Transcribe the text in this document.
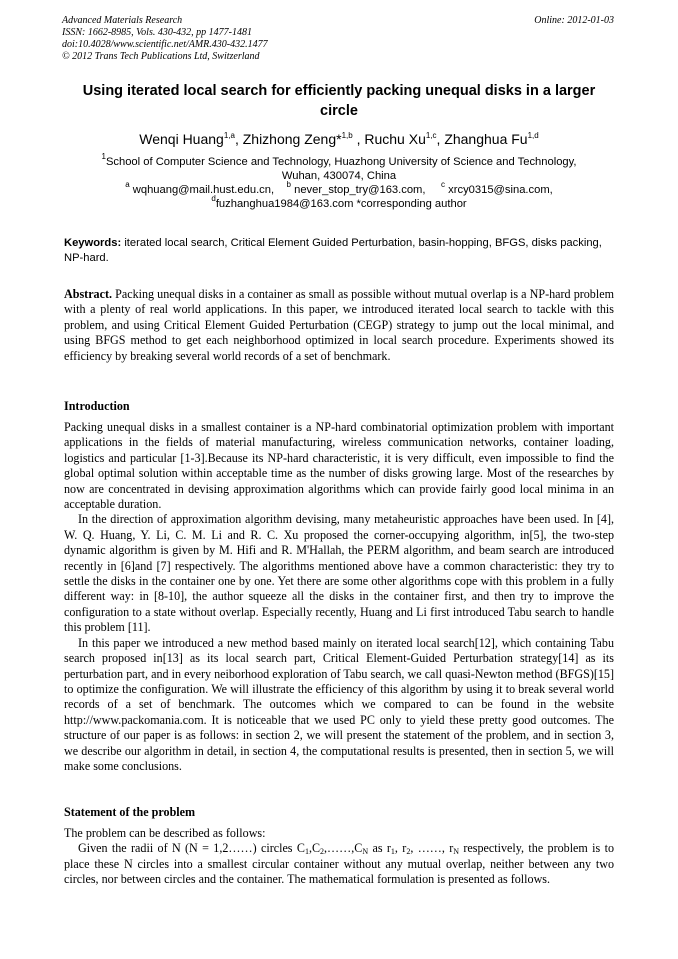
Advanced Materials Research
ISSN: 1662-8985, Vols. 430-432, pp 1477-1481
doi:10.4028/www.scientific.net/AMR.430-432.1477
© 2012 Trans Tech Publications Ltd, Switzerland
Online: 2012-01-03
Using iterated local search for efficiently packing unequal disks in a larger circle
Wenqi Huang$^{1,a}$, Zhizhong Zeng*$^{1,b}$ , Ruchu Xu$^{1,c}$, Zhanghua Fu$^{1,d}$
$^1$School of Computer Science and Technology, Huazhong University of Science and Technology,
Wuhan, 430074, China
$^a$ wqhuang@mail.hust.edu.cn, $^b$ never_stop_try@163.com, $^c$ xrcy0315@sina.com,
$^d$fuzhanghua1984@163.com *corresponding author
Keywords: iterated local search, Critical Element Guided Perturbation, basin-hopping, BFGS, disks packing, NP-hard.

Abstract. Packing unequal disks in a container as small as possible without mutual overlap is a NP-hard problem with a plenty of real world applications. In this paper, we introduced iterated local search to tackle with this problem, and using Critical Element Guided Perturbation (CEGP) strategy to jump out the local minimal, and using BFGS method to get each neighborhood optimized in local search procedure. Experiments showed its efficiency by breaking several world records of a set of benchmark.

Introduction

Packing unequal disks in a smallest container is a NP-hard combinatorial optimization problem with important applications in the fields of material manufacturing, wireless communication networks, container loading, logistics and particular [1-3].Because its NP-hard characteristic, it is very difficult, even impossible to find the global optimal solution within acceptable time as the number of disks growing large. Most of the researches by now are concentrated in devising approximation algorithms which can provide fairly good local minima in an acceptable duration.

In the direction of approximation algorithm devising, many metaheuristic approaches have been used. In [4], W. Q. Huang, Y. Li, C. M. Li and R. C. Xu proposed the corner-occupying algorithm, in[5], the two-step dynamic algorithm is given by M. Hifi and R. M'Hallah, the PERM algorithm, and beam search are introduced recently in [6]and [7] respectively. The algorithms mentioned above have a common characteristic: they try to settle the disks in the container one by one. Yet there are some other algorithms cope with this problem in a fully different way: in [8-10], the author squeeze all the disks in the container first, and then try to improve the configuration to a state without overlap. Especially recently, Huang and Li first introduced Tabu search to handle this problem [11].

In this paper we introduced a new method based mainly on iterated local search[12], which containing Tabu search proposed in[13] as its local search part, Critical Element-Guided Perturbation strategy[14] as its perturbation part, and in every neiborhood exploration of Tabu search, we call quasi-Newton method (BFGS)[15] to optimize the configuration. We will illustrate the efficiency of this algorithm by using it to break several world records of a set of benchmark. The outcomes which we compared to can be found in the website http://www.packomania.com. It is noticeable that we used PC only to yield these pretty good outcomes. The structure of our paper is as follows: in section 2, we will present the statement of the problem, and in section 3, we describe our algorithm in detail, in section 4, the computational results is presented, then in section 5, we will make some conclusions.

Statement of the problem

The problem can be described as follows:

Given the radii of N (N = 1,2……) circles $C_1,C_2,\dots\dots,C_N$ as $r_1$, $r_2$, ……, $r_N$ respectively, the problem is to place these N circles into a smallest circular container without any mutual overlap, neither between any two circles, nor between circles and the container. The mathematical formulation is presented as follows.
